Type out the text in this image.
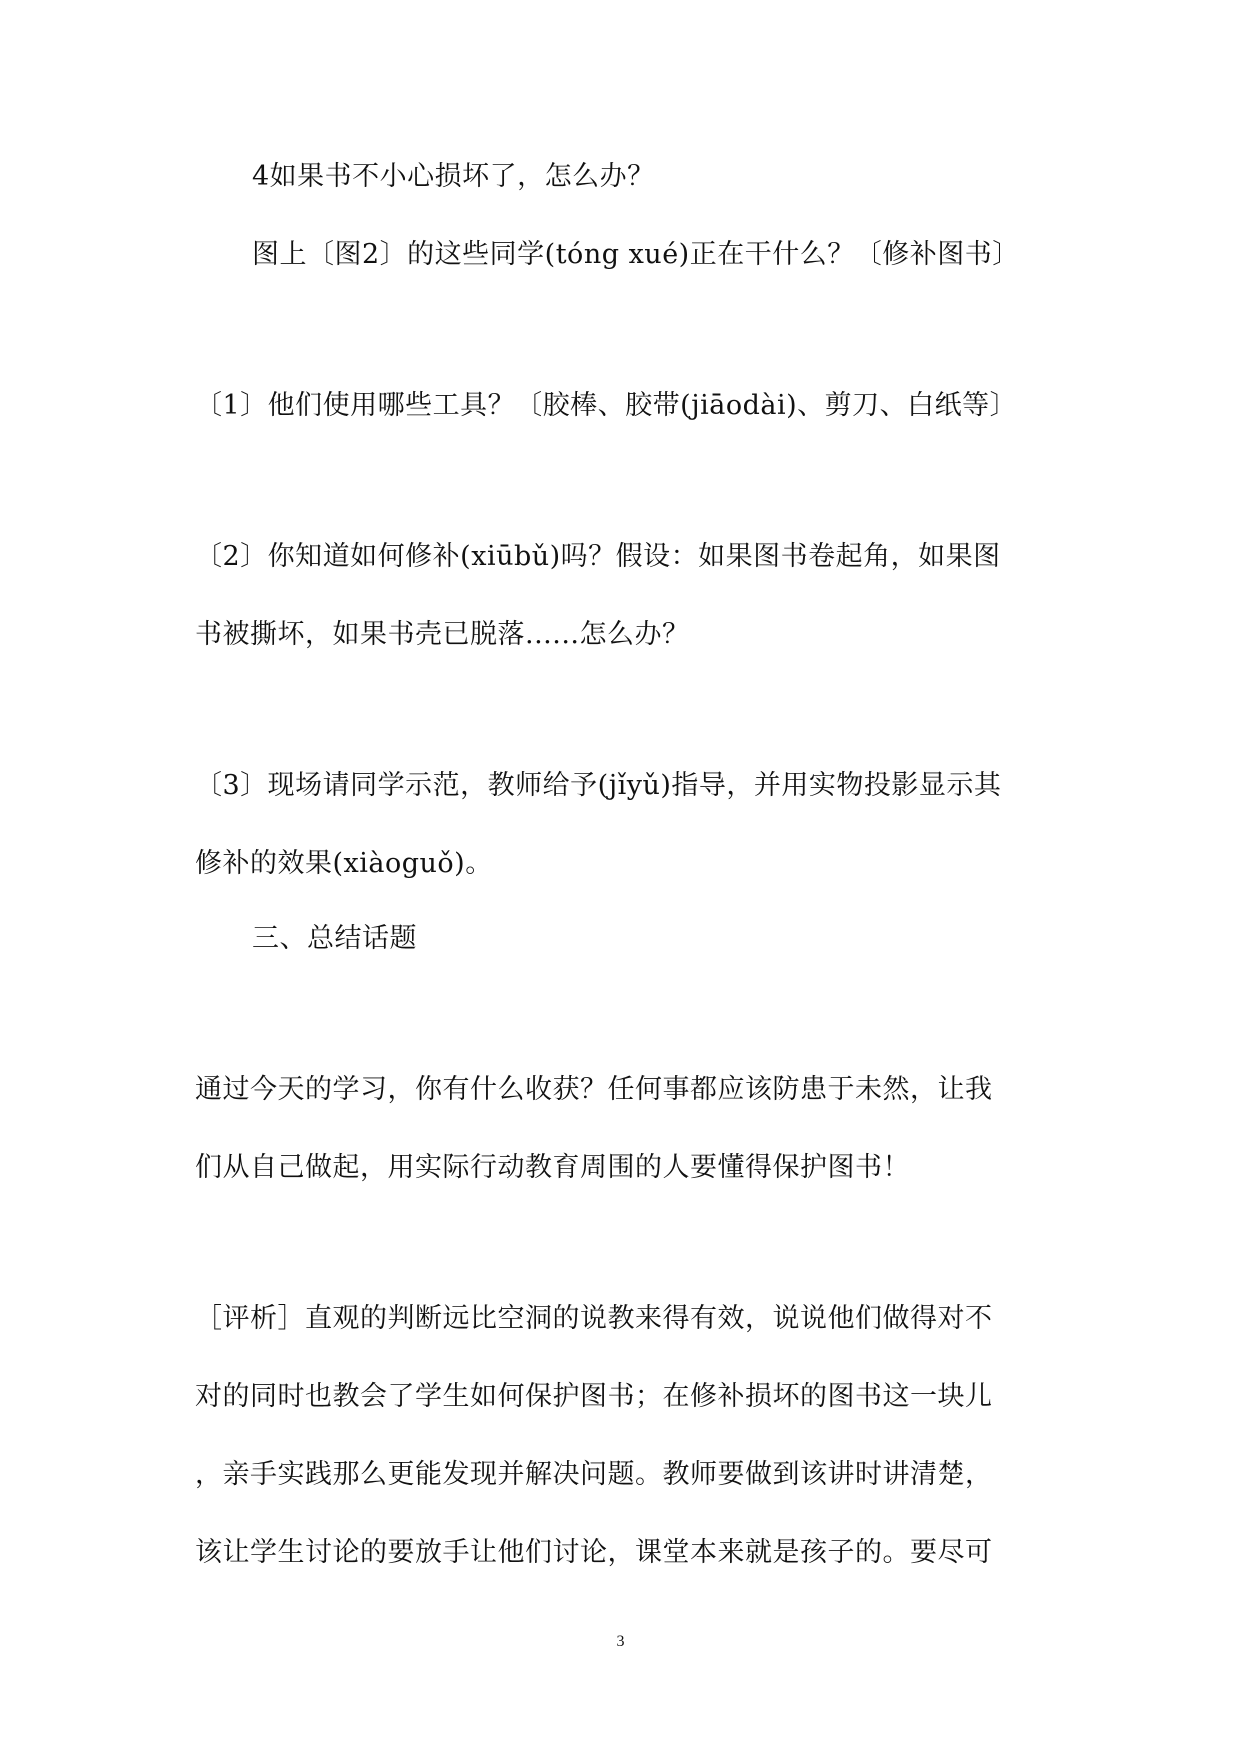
4如果书不小心损坏了，怎么办？
图上〔图2〕的这些同学(tóng xué)正在干什么？〔修补图书〕
〔1〕他们使用哪些工具？〔胶棒、胶带(jiāodài)、剪刀、白纸等〕
〔2〕你知道如何修补(xiūbǔ)吗？假设：如果图书卷起角，如果图
书被撕坏，如果书壳已脱落......怎么办？
〔3〕现场请同学示范，教师给予(jǐyǔ)指导，并用实物投影显示其
修补的效果(xiàoguǒ)。
三、总结话题
通过今天的学习，你有什么收获？任何事都应该防患于未然，让我
们从自己做起，用实际行动教育周围的人要懂得保护图书！
［评析］直观的判断远比空洞的说教来得有效，说说他们做得对不
对的同时也教会了学生如何保护图书；在修补损坏的图书这一块儿
，亲手实践那么更能发现并解决问题。教师要做到该讲时讲清楚，
该让学生讨论的要放手让他们讨论，课堂本来就是孩子的。要尽可
3
